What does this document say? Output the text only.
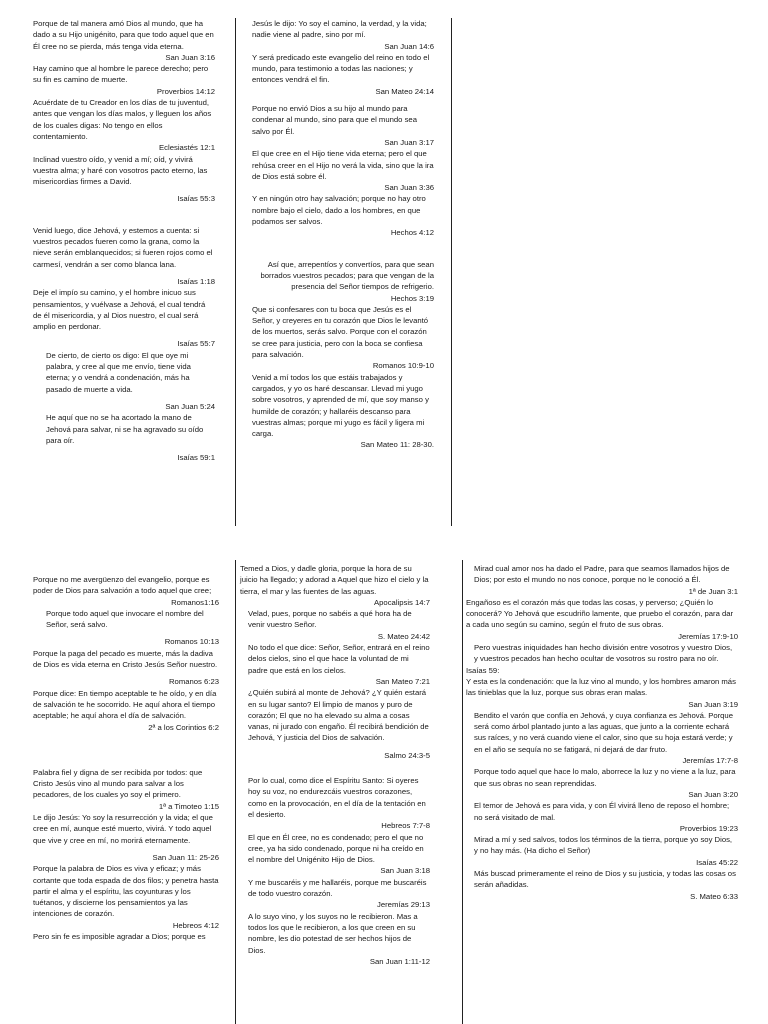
Porque de tal manera amó Dios al mundo, que ha dado a su Hijo unigénito, para que todo aquel que en Él cree no se pierda, más tenga vida eterna.

San Juan 3:16

Hay camino que al hombre le parece derecho; pero su fin es camino de muerte.

Proverbios 14:12

Acuérdate de tu Creador en los días de tu juventud, antes que vengan los días malos, y lleguen los años de los cuales digas: No tengo en ellos contentamiento.

Eclesiastés 12:1

Inclinad vuestro oído, y venid a mí; oíd, y vivirá vuestra alma; y haré con vosotros pacto eterno, las misericordias firmes a David.

Isaías 55:3

Venid luego, dice Jehová, y estemos a cuenta: si vuestros pecados fueren como la grana, como la nieve serán emblanquecidos; si fueren rojos como el carmesí, vendrán a ser como blanca lana.

Isaías 1:18

Deje el impío su camino, y el hombre inicuo sus pensamientos, y vuélvase a Jehová, el cual tendrá de él misericordia, y al Dios nuestro, el cual será amplio en perdonar.

Isaías 55:7

De cierto, de cierto os digo: El que oye mi palabra, y cree al que me envío, tiene vida eterna; y o vendrá a condenación, más ha pasado de muerte a vida.

San Juan 5:24

He aquí que no se ha acortado la mano de Jehová para salvar, ni se ha agravado su oído para oír.

Isaías 59:1

Jesús le dijo: Yo soy el camino, la verdad, y la vida; nadie viene al padre, sino por mí.

San Juan 14:6

Y será predicado este evangelio del reino en todo el mundo, para testimonio a todas las naciones; y entonces vendrá el fin.

San Mateo 24:14

Porque no envió Dios a su hijo al mundo para condenar al mundo, sino para que el mundo sea salvo por Él.

San Juan 3:17

El que cree en el Hijo tiene vida eterna; pero el que rehúsa creer en el Hijo no verá la vida, sino que la ira de Dios está sobre él.

San Juan 3:36

Y en ningún otro hay salvación; porque no hay otro nombre bajo el cielo, dado a los hombres, en que podamos ser salvos.

Hechos 4:12

Así que, arrepentíos y convertíos, para que sean borrados vuestros pecados; para que vengan de la presencia del Señor tiempos de refrigerio.

Hechos 3:19

Que si confesares con tu boca que Jesús es el Señor, y creyeres en tu corazón que Dios le levantó de los muertos, serás salvo. Porque con el corazón se cree para justicia, pero con la boca se confiesa para salvación.

Romanos 10:9-10

Venid a mí todos los que estáis trabajados y cargados, y yo os haré descansar. Llevad mi yugo sobre vosotros, y aprended de mí, que soy manso y humilde de corazón; y hallaréis descanso para vuestras almas; porque mi yugo es fácil y ligera mi carga.

San Mateo 11: 28-30.

Porque no me avergüenzo del evangelio, porque es poder de Dios para salvación a todo aquel que cree;

Romanos1:16

Porque todo aquel que invocare el nombre del Señor, será salvo.

Romanos 10:13

Porque la paga del pecado es muerte, más la dadiva de Dios es vida eterna en Cristo Jesús Señor nuestro.

Romanos 6:23

Porque dice: En tiempo aceptable te he oído, y en día de salvación te he socorrido. He aquí ahora el tiempo aceptable; he aquí ahora el día de salvación.

2ª a los Corintios 6:2

Palabra fiel y digna de ser recibida por todos: que Cristo Jesús vino al mundo para salvar a los pecadores, de los cuales yo soy el primero.

1ª a Timoteo 1:15

Le dijo Jesús: Yo soy la resurrección y la vida; el que cree en mí, aunque esté muerto, vivirá. Y todo aquel que vive y cree en mí, no morirá eternamente.

San Juan 11: 25-26

Porque la palabra de Dios es viva y eficaz; y más cortante que toda espada de dos filos; y penetra hasta partir el alma y el espíritu, las coyunturas y los tuétanos, y discierne los pensamientos ya las intenciones de corazón.

Hebreos 4:12

Pero sin fe es imposible agradar a Dios; porque es

Temed a Dios, y dadle gloria, porque la hora de su juicio ha llegado; y adorad a Aquel que hizo el cielo y la tierra, el mar y las fuentes de las aguas.

Apocalipsis 14:7

Velad, pues, porque no sabéis a qué hora ha de venir vuestro Señor.

S. Mateo 24:42

No todo el que dice: Señor, Señor, entrará en el reino delos cielos, sino el que hace la voluntad de mi padre que está en los cielos.

San Mateo 7:21

¿Quién subirá al monte de Jehová? ¿Y quién estará en su lugar santo? El limpio de manos y puro de corazón; El que no ha elevado su alma a cosas vanas, ni jurado con engaño. Él recibirá bendición de Jehová, Y justicia del Dios de salvación.

Salmo 24:3-5

Por lo cual, como dice el Espíritu Santo: Si oyeres hoy su voz, no endurezcáis vuestros corazones, como en la provocación, en el día de la tentación en el desierto.

Hebreos 7:7-8

El que en Él cree, no es condenado; pero el que no cree, ya ha sido condenado, porque ni ha creído en el nombre del Unigénito Hijo de Dios.

San Juan 3:18

Y me buscaréis y me hallaréis, porque me buscaréis de todo vuestro corazón.

Jeremías 29:13

A lo suyo vino, y los suyos no le recibieron. Mas a todos los que le recibieron, a los que creen en su nombre, les dio potestad de ser hechos hijos de Dios.

San Juan 1:11-12

Mirad cual amor nos ha dado el Padre, para que seamos llamados hijos de Dios; por esto el mundo no nos conoce, porque no le conoció a Él.

1ª de Juan 3:1

Engañoso es el corazón más que todas las cosas, y perverso; ¿Quién lo conocerá? Yo Jehová que escudriño lamente, que pruebo el corazón, para dar a cada uno según su camino, según el fruto de sus obras.

Jeremías 17:9-10

Pero vuestras iniquidades han hecho división entre vosotros y vuestro Dios, y vuestros pecados han hecho ocultar de vosotros su rostro para no oír.

Isaías 59:

Y esta es la condenación: que la luz vino al mundo, y los hombres amaron más las tinieblas que la luz, porque sus obras eran malas.

San Juan 3:19

Bendito el varón que confía en Jehová, y cuya confianza es Jehová. Porque será como árbol plantado junto a las aguas, que junto a la corriente echará sus raíces, y no verá cuando viene el calor, sino que su hoja estará verde; y en el año se sequía no se fatigará, ni dejará de dar fruto.

Jeremías 17:7-8

Porque todo aquel que hace lo malo, aborrece la luz y no viene a la luz, para que sus obras no sean reprendidas.

San Juan 3:20

El temor de Jehová es para vida, y con Él vivirá lleno de reposo el hombre; no será visitado de mal.

Proverbios 19:23

Mirad a mí y sed salvos, todos los términos de la tierra, porque yo soy Dios, y no hay más. (Ha dicho el Señor)

Isaías 45:22

Más buscad primeramente el reino de Dios y su justicia, y todas las cosas os serán añadidas.

S. Mateo 6:33
